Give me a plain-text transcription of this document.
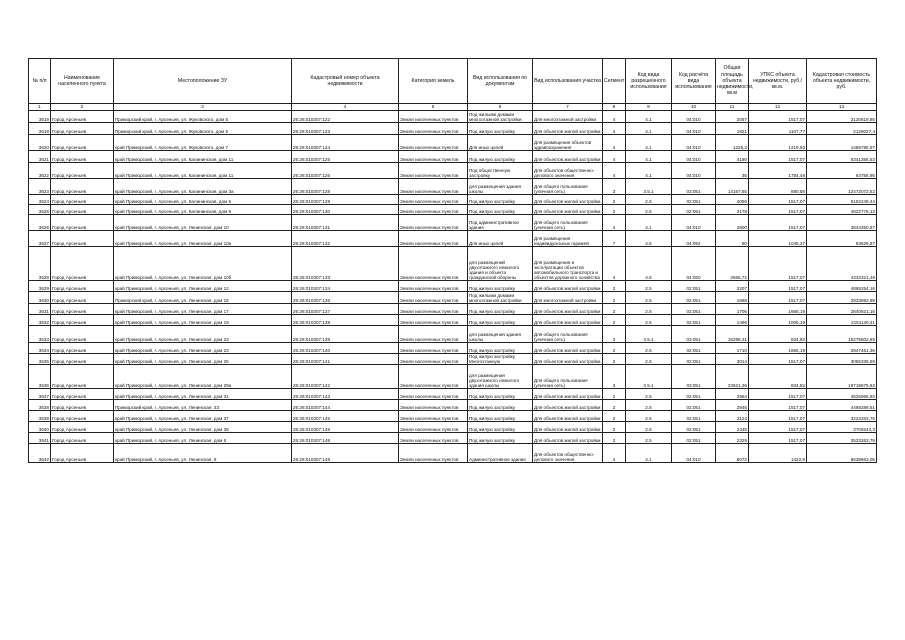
№ п/п	Наименование населенного пункта	Местоположение ЗУ	Кадастровый номер объекта недвижимости	Категория земель	Вид использования по документам	Вид использования участка	Сегмент	Код вида разрешенного использования	Код расчёта вида использования	Общая площадь объекта недвижимости, кв.м	УПКС объекта недвижимости, руб./кв.м.	Кадастровая стоимость объекта недвижимости, руб.
1	2	3	4	5	6	7	8	9	10	11	12	13
3619	Город Арсеньев	Приморский край, г. Арсеньев, ул. Жуковского, дом 5	25:26:010307:122	Земли населенных пунктов	Под жилыми домами многоэтажной застройки	Для многоэтажной застройки	4	4.1	04:010	2057	1517,07	3120619,85
3619	Город Арсеньев	Приморский край, г. Арсеньев, ул. Жуковского, дом 5	25:26:010307:123	Земли населенных пунктов	Под жилую застройку	Для объектов жилой застройки	4	4.1	04:010	1921	1107,77	2128027,4
3620	Город Арсеньев	край Приморский, г. Арсеньев, ул. Жуковского, дом 7	25:26:010307:124	Земли населенных пунктов	Для иных целей	Для размещения объектов здравоохранения	4	4.1	04:010	1225,2	1219,93	1489796,97
3621	Город Арсеньев	край Приморский, г. Арсеньев, ул. Калининская, дом 11	25:26:010307:125	Земли населенных пунктов	Под жилую застройку	Для объектов жилой застройки	4	4.1	04:010	4180	1517,07	6341356,53
3622	Город Арсеньев	край Приморский, г. Арсеньев, ул. Калининская, дом 11	25:26:010307:126	Земли населенных пунктов	Под общественную застройку	Для объектов общественно-делового значения	4	4.1	04:010	35	1784,48	64756,95
3623	Город Арсеньев	край Приморский, г. Арсеньев, ул. Калининская, дом 3а	25:26:010307:128	Земли населенных пунктов	для размещения здания школы	Для общего пользования (уличная сеть)	3	3.5.1	03:051	14167,55	880,58	12472072,52
3624	Город Арсеньев	край Приморский, г. Арсеньев, ул. Калининская, дом 5	25:26:010307:129	Земли населенных пунктов	Под жилую застройку	Для объектов жилой застройки	2	2.5	02:051	4056	1517,07	6152249,44
3625	Город Арсеньев	край Приморский, г. Арсеньев, ул. Калининская, дом 9	25:26:010307:130	Земли населенных пунктов	Под жилую застройку	Для объектов жилой застройки	2	2.5	02:051	3178	1517,07	4822776,13
3626	Город Арсеньев	край Приморский, г. Арсеньев, ул. Ленинская, дом 10	25:26:010307:131	Земли населенных пунктов	Под административное здание	Для общего пользования (уличная сеть)	4	4.1	04:010	2800	1517,07	3844350,67
3627	Город Арсеньев	край Приморский, г. Арсеньев, ул. Ленинская, дом 10а	25:26:010307:132	Земли населенных пунктов	Для иных целей	Для размещения индивидуальных гаражей	7	4.5	04:092	80	1045,37	83629,87
3628	Город Арсеньев	край Приморский, г. Арсеньев, ул. Ленинская, дом 10б	25:26:010307:133	Земли населенных пунктов	для размещений двухэтажного нежилого здания и объекта гражданской обороны	Для размещения и эксплуатации объектов автомобильного транспорта и объектов дорожного хозяйства	4	4.5	04:050	2655,71	1517,07	4332321,49
3629	Город Арсеньев	край Приморский, г. Арсеньев, ул. Ленинская, дом 12	25:26:010307:134	Земли населенных пунктов	Под жилую застройку	Для объектов жилой застройки	2	2.5	02:051	3207	1517,07	4865254,16
3630	Город Арсеньев	Приморский край, г. Арсеньев, ул. Ленинская, дом 15	25:26:010307:136	Земли населенных пунктов	Под жилыми домами многоэтажной застройки	Для многоэтажной застройки	2	2.5	02:051	1868	1517,07	2833892,99
3631	Город Арсеньев	край Приморский, г. Арсеньев, ул. Ленинская, дом 17	25:26:010307:137	Земли населенных пунктов	Под жилую застройку	Для объектов жилой застройки	2	2.5	02:051	1706	1665,19	2840821,16
3632	Город Арсеньев	край Приморский, г. Арсеньев, ул. Ленинская, дом 19	25:26:010307:138	Земли населенных пунктов	Под жилую застройку	Для объектов жилой застройки	2	2.5	02:051	1496	1005,19	2151130,41
3633	Город Арсеньев	край Приморский, г. Арсеньев, ул. Ленинская, дом 23	25:26:010307:139	Земли населенных пунктов	для размещения здания школы	Для общего пользования (уличная сеть)	3	3.5.1	03:051	18298,31	834,82	15275802,85
3634	Город Арсеньев	край Приморский, г. Арсеньев, ул. Ленинская, дом 23	25:26:010307:140	Земли населенных пунктов	Под жилую застройку	Для объектов жилой застройки	2	2.5	02:051	1710	1665,19	2847461,36
3635	Город Арсеньев	край Приморский, г. Арсеньев, ул. Ленинская, дом 25	25:26:010307:141	Земли населенных пунктов	Под жилую застройку Многоэтажную	Для объектов жилой застройки	2	2.5	02:051	3014	1517,07	3055335,69
3636	Город Арсеньев	край Приморский, г. Арсеньев, ул. Ленинская, дом 29а	25:26:010307:142	Земли населенных пунктов	для размещения двухэтажного нежилого здания школы	Для общего пользования (уличная сеть)	3	3.5.1	03:051	23621,36	834,82	19719675,82
3637	Город Арсеньев	край Приморский, г. Арсеньев, ул. Ленинская, дом 31	25:26:010307:143	Земли населенных пунктов	Под жилую застройку	Для объектов жилой застройки	2	2.5	02:051	2984	1517,07	4526966,93
3638	Город Арсеньев	Приморский край, г. Арсеньев, ул. Ленинская, 33	25:26:010307:144	Земли населенных пунктов	Под жилую застройку	Для объектов жилой застройки	2	2.5	02:051	2946	1517,07	4469289,51
3639	Город Арсеньев	край Приморский, г. Арсеньев, ул. Ленинская, дом 37	25:26:010307:145	Земли населенных пунктов	Под жилую застройку	Для объектов жилой застройки	2	2.5	02:051	2124	1517,07	3222263,76
3640	Город Арсеньев	край Приморский, г. Арсеньев, ул. Ленинская, дом 39	25:26:010307:146	Земли населенных пунктов	Под жилую застройку	Для объектов жилой застройки	2	2.5	02:051	2445	1517,07	3709244,3
3641	Город Арсеньев	край Приморский, г. Арсеньев, ул. Ленинская, дом 6	25:26:010307:148	Земли населенных пунктов	Под жилую застройку	Для объектов жилой застройки	2	2.5	02:051	2329	1517,07	3533263,79
3642	Город Арсеньев	край Приморский, г. Арсеньев, ул. Ленинская, 8	25:26:010307:149	Земли населенных пунктов	Административное здание	Для объектов общественно-делового значения	4	4.1	04:010	6072	1422,9	8639663,05
